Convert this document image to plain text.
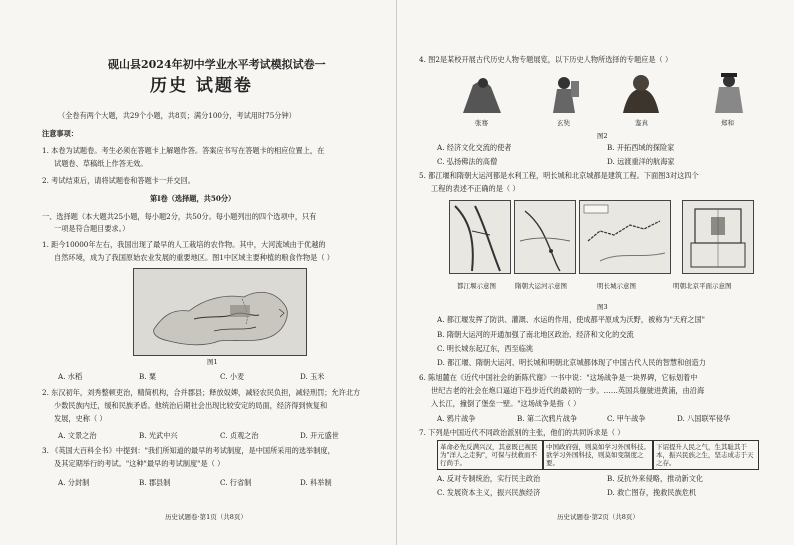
砚山县2024年初中学业水平考试模拟试卷一
历史 试题卷
（全卷有两个大题，共29个小题，共8页；满分100分，考试用时75分钟）
注意事项：
1. 本卷为试题卷。考生必须在答题卡上解题作答。答案应书写在答题卡的相应位置上，在
试题卷、草稿纸上作答无效。
2. 考试结束后，请将试题卷和答题卡一并交回。
第Ⅰ卷（选择题，共50分）
一、选择题（本大题共25小题，每小题2分，共50分。每小题列出的四个选项中，只有
一项是符合题目要求。）
1. 距今10000年左右，我国出现了最早的人工栽培的农作物。其中，大河流域由于优越的
自然环境，成为了我国原始农业发展的重要地区。图1中区域主要种植的粮食作物是（ ）
图1
A. 水稻	B. 粟	C. 小麦	D. 玉米
2. 东汉初年，刘秀整顿吏治，精简机构，合并郡县；释放奴婢，减轻农民负担，减轻刑罚；允许北方
少数民族内迁，缓和民族矛盾。他统治后期社会出现比较安定的局面，经济得到恢复和
发展，史称（ ）
A. 文景之治	B. 光武中兴	C. 贞观之治	D. 开元盛世
3. 《英国大百科全书》中提到："我们所知道的最早的考试制度，是中国所采用的选举制度，
及其定期举行的考试。"这种"最早的考试制度"是（ ）
A. 分封制	B. 郡县制	C. 行省制	D. 科举制
历史试题卷·第1页（共8页）
4. 图2是某校开展古代历史人物专题展览，以下历史人物所选择的专题应是（ ）
张骞	玄奘	鉴真	郑和
图2
A. 经济文化交流的使者	B. 开拓西域的探险家
C. 弘扬佛法的高僧	D. 远渡重洋的航海家
5. 都江堰和隋朝大运河都是水利工程，明长城和北京城都是建筑工程。下面图3对这四个
工程的表述不正确的是（ ）
都江堰示意图	隋朝大运河示意图	明长城示意图	明朝北京平面示意图
图3
A. 都江堰发挥了防洪、灌溉、水运的作用，使成都平原成为沃野，被称为"天府之国"
B. 隋朝大运河的开通加强了南北地区政治、经济和文化的交流
C. 明长城东起辽东，西至临洮
D. 都江堰、隋朝大运河、明长城和明朝北京城都体现了中国古代人民的智慧和创造力
6. 陈旭麓在《近代中国社会的新陈代谢》一书中说："这场战争是一块界碑，它标划着中
世纪古老的社会在炮口逼迫下趋步近代的最初的一步。……英国兵舰驶进黄浦，由沿海
入长江，撞倒了堡垒一壁。"这场战争是指（ ）
A. 鸦片战争	B. 第二次鸦片战争	C. 甲午战争	D. 八国联军侵华
7. 下列是中国近代不同政治派别的主张，他们的共同诉求是（ ）
革命必先反满兴汉，其意既已视民为"洋人之走狗"，可保与扶救而不行尚手。
中国政府强，则莫如学习外国科技。欲学习外国科技，则莫如变制度之要。
下诏提升人民之气，生其耻其于本，振兴民族之生，坚志成志于天之存。
A. 反对专制统治，实行民主政治	B. 反抗外来侵略，推动新文化
C. 发展资本主义，振兴民族经济	D. 救亡图存，挽救民族危机
历史试题卷·第2页（共8页）
